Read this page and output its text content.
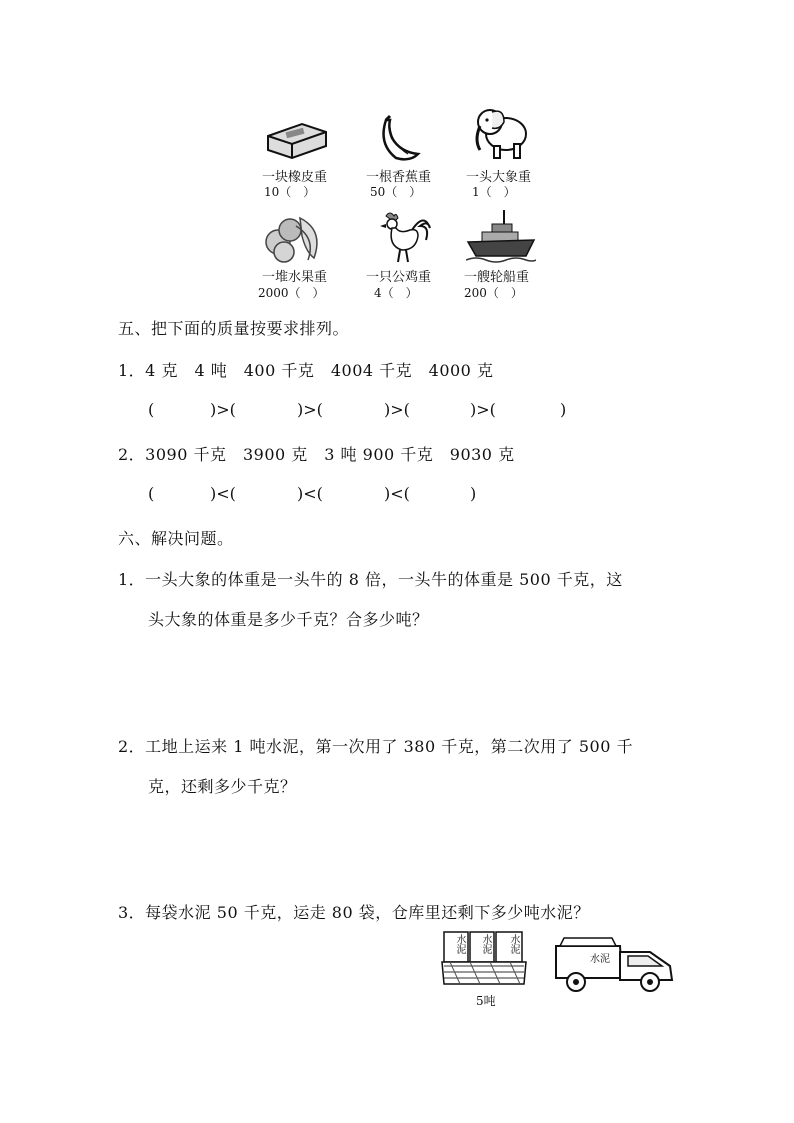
一块橡皮重
10（　）
一根香蕉重
50（　）
一头大象重
1（　）
一堆水果重
2000（　）
一只公鸡重
4（　）
一艘轮船重
200（　）
五、把下面的质量按要求排列。
1．4 克　4 吨　400 千克　4004 千克　4000 克
(	)>(	)>(	)>(	)>(	)
2．3090 千克　3900 克　3 吨 900 千克　9030 克
(	)<(	)<(	)<(	)
六、解决问题。
1．一头大象的体重是一头牛的 8 倍，一头牛的体重是 500 千克，这
头大象的体重是多少千克？合多少吨？
2．工地上运来 1 吨水泥，第一次用了 380 千克，第二次用了 500 千
克，还剩多少千克？
3．每袋水泥 50 千克，运走 80 袋，仓库里还剩下多少吨水泥？
水泥 水泥 水泥
5吨
水泥
